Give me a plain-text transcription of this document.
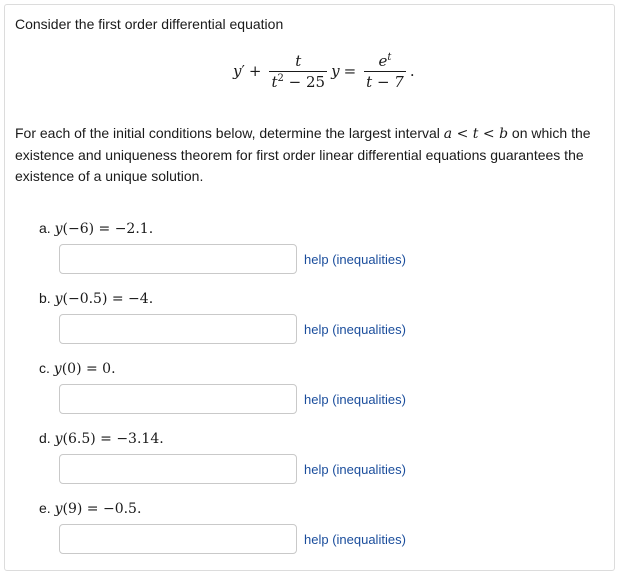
Consider the first order differential equation
y ′ + $\frac{t}{t^2 - 25}$ $y = \frac{e^t}{t - 7}$ .
For each of the initial conditions below, determine the largest interval a < t < b on which the existence and uniqueness theorem for first order linear differential equations guarantees the existence of a unique solution.
a. y(−6) = −2.1.
help (inequalities)
b. y(−0.5) = −4.
help (inequalities)
c. y(0) = 0.
help (inequalities)
d. y(6.5) = −3.14.
help (inequalities)
e. y(9) = −0.5.
help (inequalities)
